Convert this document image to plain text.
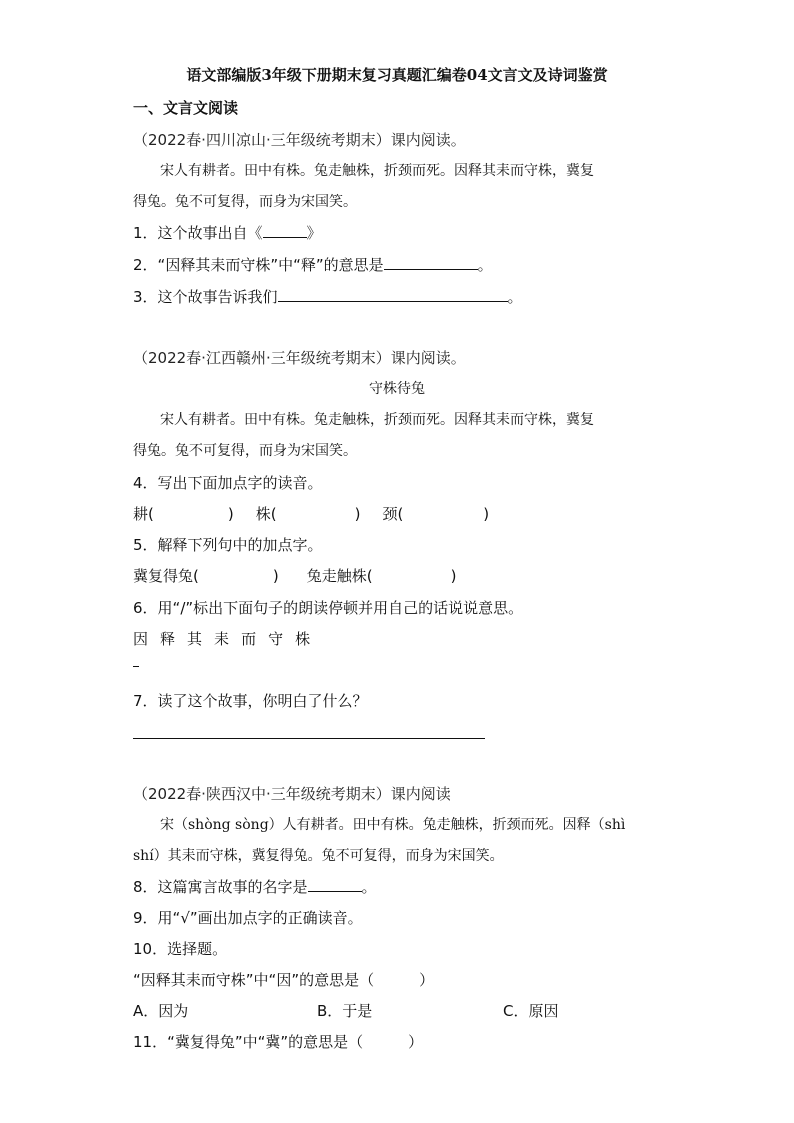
语文部编版3年级下册期末复习真题汇编卷04文言文及诗词鉴赏
一、文言文阅读
（2022春·四川凉山·三年级统考期末）课内阅读。
宋人有耕者。田中有株。兔走触株，折颈而死。因释其耒而守株，冀复
得兔。兔不可复得，而身为宋国笑。
1．这个故事出自《	》
2．“因释其耒而守株”中“释”的意思是	。
3．这个故事告诉我们	。
（2022春·江西赣州·三年级统考期末）课内阅读。
守株待兔
宋人有耕者。田中有株。兔走触株，折颈而死。因释其耒而守株，冀复
得兔。兔不可复得，而身为宋国笑。
4．写出下面加点字的读音。
耕(	) 株(	) 颈(	)
5．解释下列句中的加点字。
冀复得兔(	) 兔走触株(	)
6．用“/”标出下面句子的朗读停顿并用自己的话说说意思。
因 释 其 耒 而 守 株
7．读了这个故事，你明白了什么？
（2022春·陕西汉中·三年级统考期末）课内阅读
宋（shòng sòng）人有耕者。田中有株。兔走触株，折颈而死。因释（shì
shí）其耒而守株，冀复得兔。兔不可复得，而身为宋国笑。
8．这篇寓言故事的名字是	。
9．用“√”画出加点字的正确读音。
10．选择题。
“因释其耒而守株”中“因”的意思是（　　　）
A．因为	B．于是	C．原因
11．“冀复得兔”中“冀”的意思是（　　　）
